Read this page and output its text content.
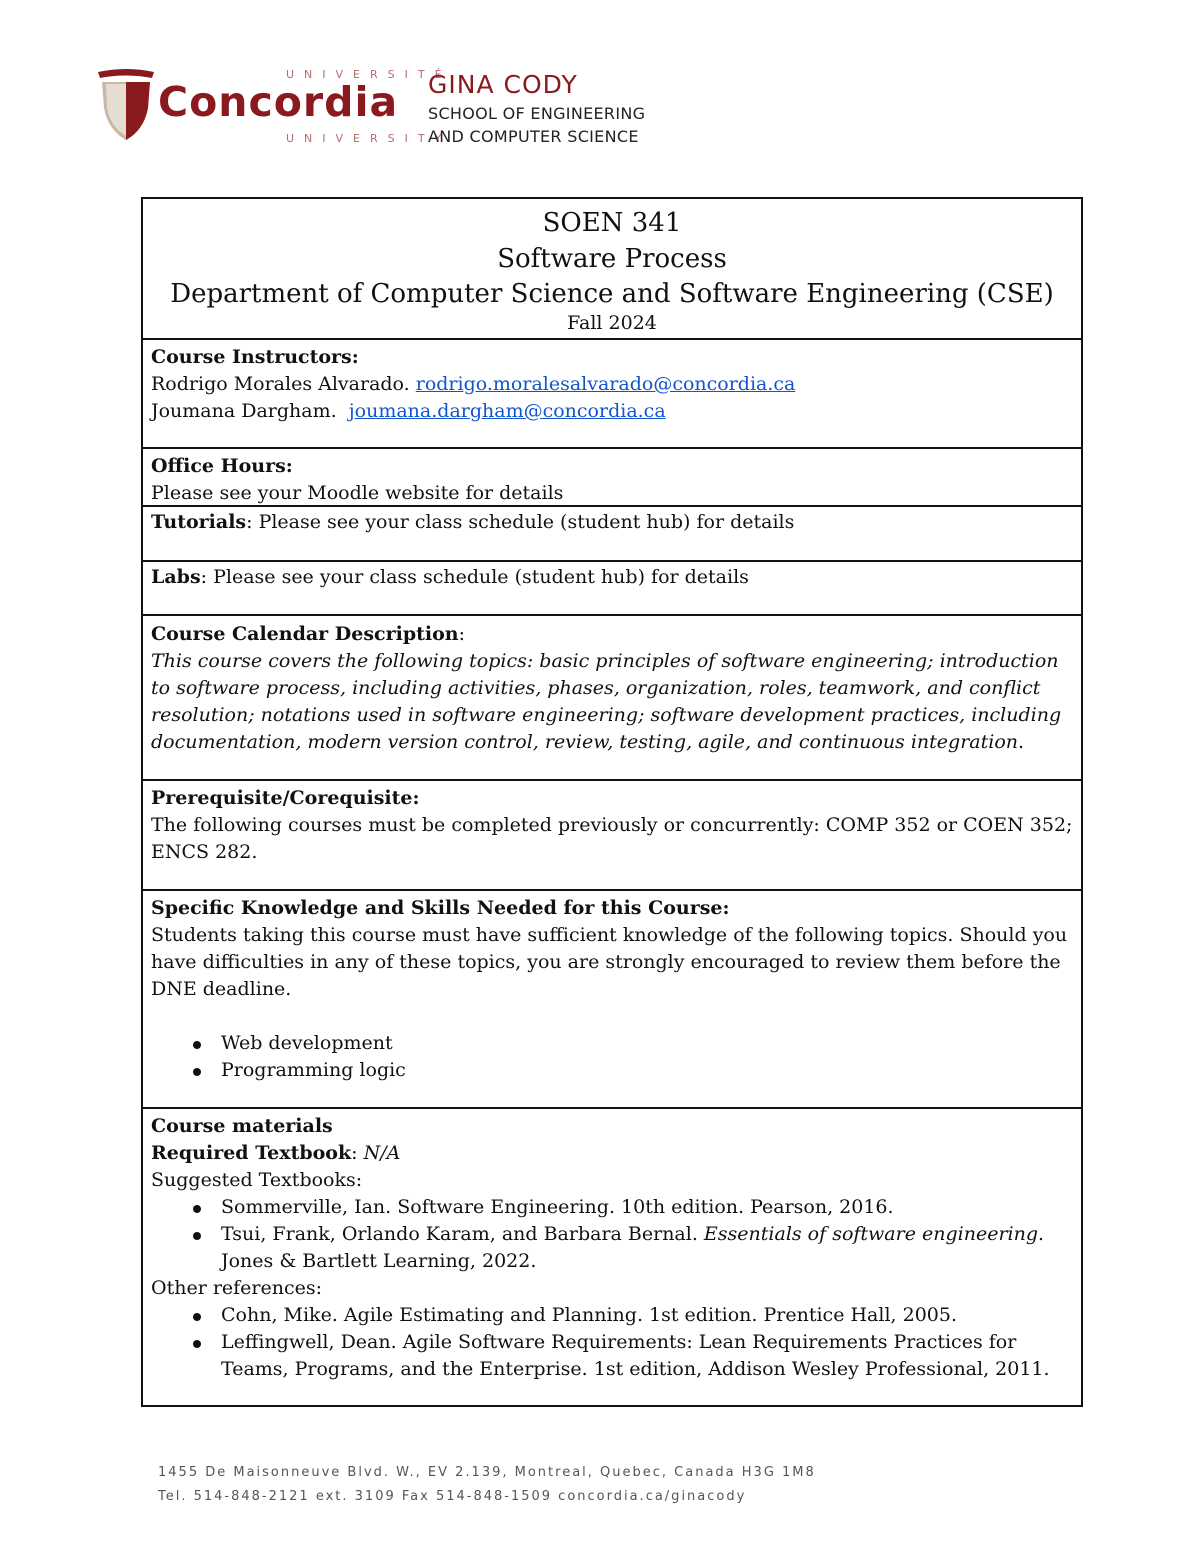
UNIVERSITÉ
Concordia
UNIVERSITY
GINA CODY
SCHOOL OF ENGINEERING
AND COMPUTER SCIENCE
SOEN 341
Software Process
Department of Computer Science and Software Engineering (CSE)
Fall 2024
Course Instructors:
Rodrigo Morales Alvarado. rodrigo.moralesalvarado@concordia.ca
Joumana Dargham. joumana.dargham@concordia.ca
Office Hours:
Please see your Moodle website for details
Tutorials: Please see your class schedule (student hub) for details
Labs: Please see your class schedule (student hub) for details
Course Calendar Description:
This course covers the following topics: basic principles of software engineering; introduction to software process, including activities, phases, organization, roles, teamwork, and conflict resolution; notations used in software engineering; software development practices, including documentation, modern version control, review, testing, agile, and continuous integration.
Prerequisite/Corequisite:
The following courses must be completed previously or concurrently: COMP 352 or COEN 352; ENCS 282.
Specific Knowledge and Skills Needed for this Course:
Students taking this course must have sufficient knowledge of the following topics. Should you have difficulties in any of these topics, you are strongly encouraged to review them before the DNE deadline.
Web development
Programming logic
Course materials
Required Textbook: N/A
Suggested Textbooks:
Sommerville, Ian. Software Engineering. 10th edition. Pearson, 2016.
Tsui, Frank, Orlando Karam, and Barbara Bernal. Essentials of software engineering. Jones & Bartlett Learning, 2022.
Other references:
Cohn, Mike. Agile Estimating and Planning. 1st edition. Prentice Hall, 2005.
Leffingwell, Dean. Agile Software Requirements: Lean Requirements Practices for Teams, Programs, and the Enterprise. 1st edition, Addison Wesley Professional, 2011.
1455 De Maisonneuve Blvd. W., EV 2.139, Montreal, Quebec, Canada H3G 1M8
Tel. 514-848-2121 ext. 3109 Fax 514-848-1509 concordia.ca/ginacody
